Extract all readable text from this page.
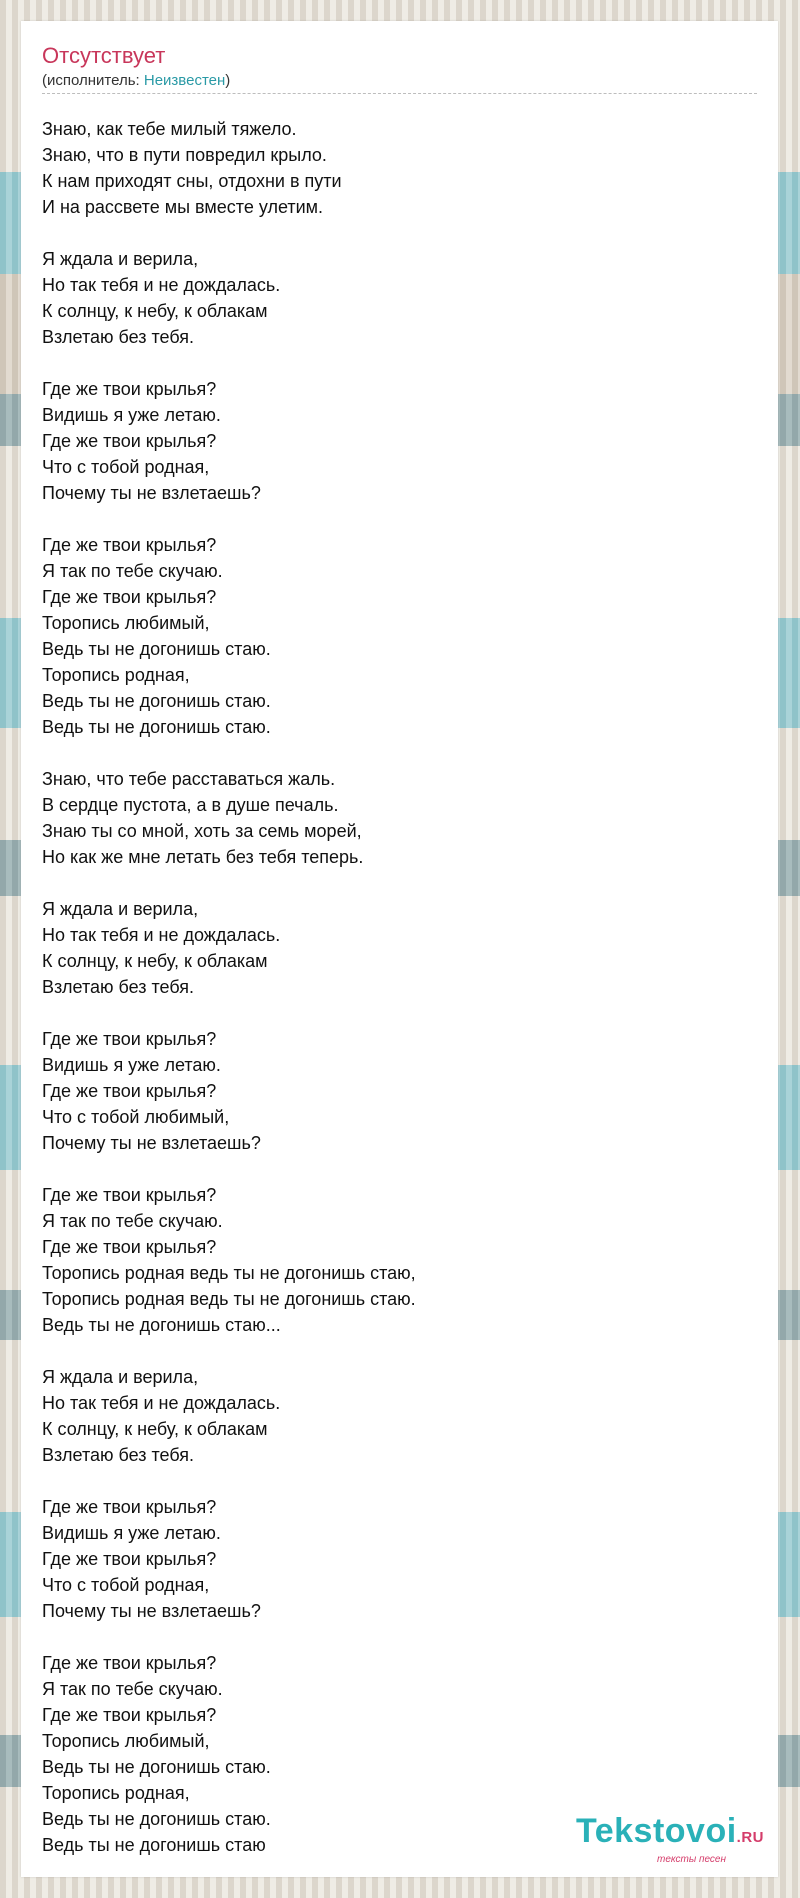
Отсутствует
(исполнитель: Неизвестен)
Знаю, как тебе милый тяжело.
Знаю, что в пути повредил крыло.
К нам приходят сны, отдохни в пути
И на рассвете мы вместе улетим.
Я ждала и верила,
Но так тебя и не дождалась.
К солнцу, к небу, к облакам
Взлетаю без тебя.
Где же твои крылья?
Видишь я уже летаю.
Где же твои крылья?
Что с тобой родная,
Почему ты не взлетаешь?
Где же твои крылья?
Я так по тебе скучаю.
Где же твои крылья?
Торопись любимый,
Ведь ты не догонишь стаю.
Торопись родная,
Ведь ты не догонишь стаю.
Ведь ты не догонишь стаю.
Знаю, что тебе расставаться жаль.
В сердце пустота, а в душе печаль.
Знаю ты со мной, хоть за семь морей,
Но как же мне летать без тебя теперь.
Я ждала и верила,
Но так тебя и не дождалась.
К солнцу, к небу, к облакам
Взлетаю без тебя.
Где же твои крылья?
Видишь я уже летаю.
Где же твои крылья?
Что с тобой любимый,
Почему ты не взлетаешь?
Где же твои крылья?
Я так по тебе скучаю.
Где же твои крылья?
Торопись родная ведь ты не догонишь стаю,
Торопись родная ведь ты не догонишь стаю.
Ведь ты не догонишь стаю...
Я ждала и верила,
Но так тебя и не дождалась.
К солнцу, к небу, к облакам
Взлетаю без тебя.
Где же твои крылья?
Видишь я уже летаю.
Где же твои крылья?
Что с тобой родная,
Почему ты не взлетаешь?
Где же твои крылья?
Я так по тебе скучаю.
Где же твои крылья?
Торопись любимый,
Ведь ты не догонишь стаю.
Торопись родная,
Ведь ты не догонишь стаю.
Ведь ты не догонишь стаю	Tekstovoi.RU
тексты песен
